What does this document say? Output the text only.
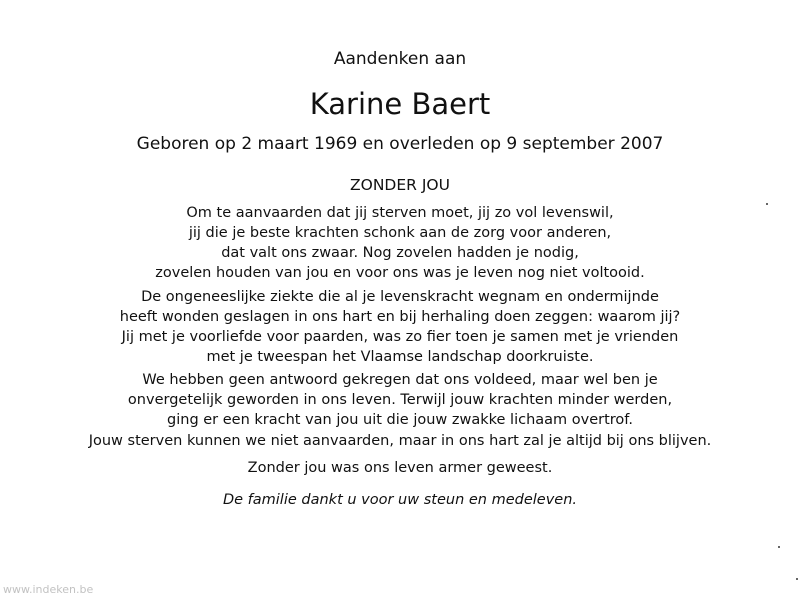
Aandenken aan
Karine Baert
Geboren op 2 maart 1969 en overleden op 9 september 2007
ZONDER JOU
Om te aanvaarden dat jij sterven moet, jij zo vol levenswil,
jij die je beste krachten schonk aan de zorg voor anderen,
dat valt ons zwaar. Nog zovelen hadden je nodig,
zovelen houden van jou en voor ons was je leven nog niet voltooid.
De ongeneeslijke ziekte die al je levenskracht wegnam en ondermijnde
heeft wonden geslagen in ons hart en bij herhaling doen zeggen: waarom jij?
Jij met je voorliefde voor paarden, was zo fier toen je samen met je vrienden
met je tweespan het Vlaamse landschap doorkruiste.
We hebben geen antwoord gekregen dat ons voldeed, maar wel ben je
onvergetelijk geworden in ons leven. Terwijl jouw krachten minder werden,
ging er een kracht van jou uit die jouw zwakke lichaam overtrof.
Jouw sterven kunnen we niet aanvaarden, maar in ons hart zal je altijd bij ons blijven.
Zonder jou was ons leven armer geweest.
De familie dankt u voor uw steun en medeleven.
www.indeken.be
